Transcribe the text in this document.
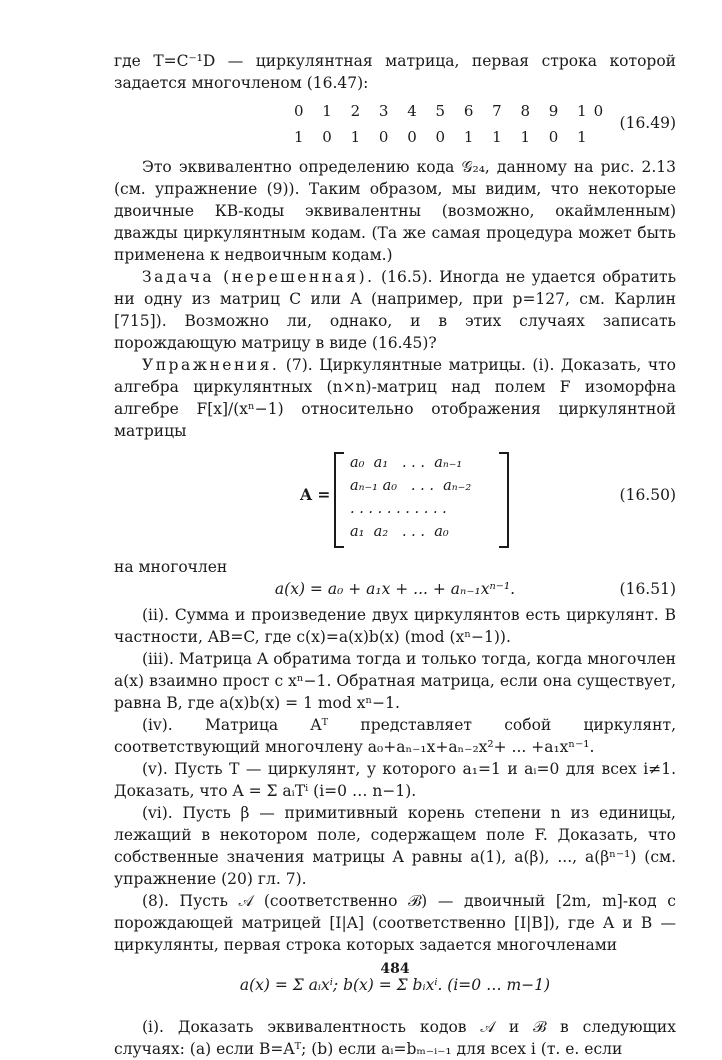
где T=C⁻¹D — циркулянтная матрица, первая строка которой задается многочленом (16.47):

0 1 2 3 4 5 6 7 8 9 10
1 0 1 0 0 0 1 1 1 0 1
(16.49)

Это эквивалентно определению кода 𝒢₂₄, данному на рис. 2.13 (см. упражнение (9)). Таким образом, мы видим, что некоторые двоичные КВ-коды эквивалентны (возможно, окаймленным) дважды циркулянтным кодам. (Та же самая процедура может быть применена к недвоичным кодам.)

Задача (нерешенная). (16.5). Иногда не удается обратить ни одну из матриц C или A (например, при p=127, см. Карлин [715]). Возможно ли, однако, и в этих случаях записать порождающую матрицу в виде (16.45)?

Упражнения. (7). Циркулянтные матрицы. (i). Доказать, что алгебра циркулянтных (n×n)-матриц над полем F изоморфна алгебре F[x]/(xⁿ−1) относительно отображения циркулянтной матрицы

A =
a₀  a₁   . . .  aₙ₋₁
aₙ₋₁ a₀   . . .  aₙ₋₂
. . . . . . . . . . .
a₁  a₂   . . .  a₀
(16.50)
на многочлен
a(x) = a₀ + a₁x + ... + aₙ₋₁xⁿ⁻¹.	(16.51)

(ii). Сумма и произведение двух циркулянтов есть циркулянт. В частности, AB=C, где c(x)=a(x)b(x) (mod (xⁿ−1)).

(iii). Матрица A обратима тогда и только тогда, когда многочлен a(x) взаимно прост с xⁿ−1. Обратная матрица, если она существует, равна B, где a(x)b(x) = 1 mod xⁿ−1.

(iv). Матрица Aᵀ представляет собой циркулянт, соответствующий многочлену a₀+aₙ₋₁x+aₙ₋₂x²+ ... +a₁xⁿ⁻¹.

(v). Пусть T — циркулянт, у которого a₁=1 и aᵢ=0 для всех i≠1. Доказать, что A = Σ aᵢTⁱ (i=0 … n−1).

(vi). Пусть β — примитивный корень степени n из единицы, лежащий в некотором поле, содержащем поле F. Доказать, что собственные значения матрицы A равны a(1), a(β), ..., a(βⁿ⁻¹) (см. упражнение (20) гл. 7).

(8). Пусть 𝒜 (соответственно ℬ) — двоичный [2m, m]-код с порождающей матрицей [I|A] (соответственно [I|B]), где A и B — циркулянты, первая строка которых задается многочленами

a(x) = Σ aᵢxⁱ; b(x) = Σ bᵢxⁱ. (i=0 … m−1)

(i). Доказать эквивалентность кодов 𝒜 и ℬ в следующих случаях: (a) если B=Aᵀ; (b) если aᵢ=bₘ₋ᵢ₋₁ для всех i (т. е. если

484
